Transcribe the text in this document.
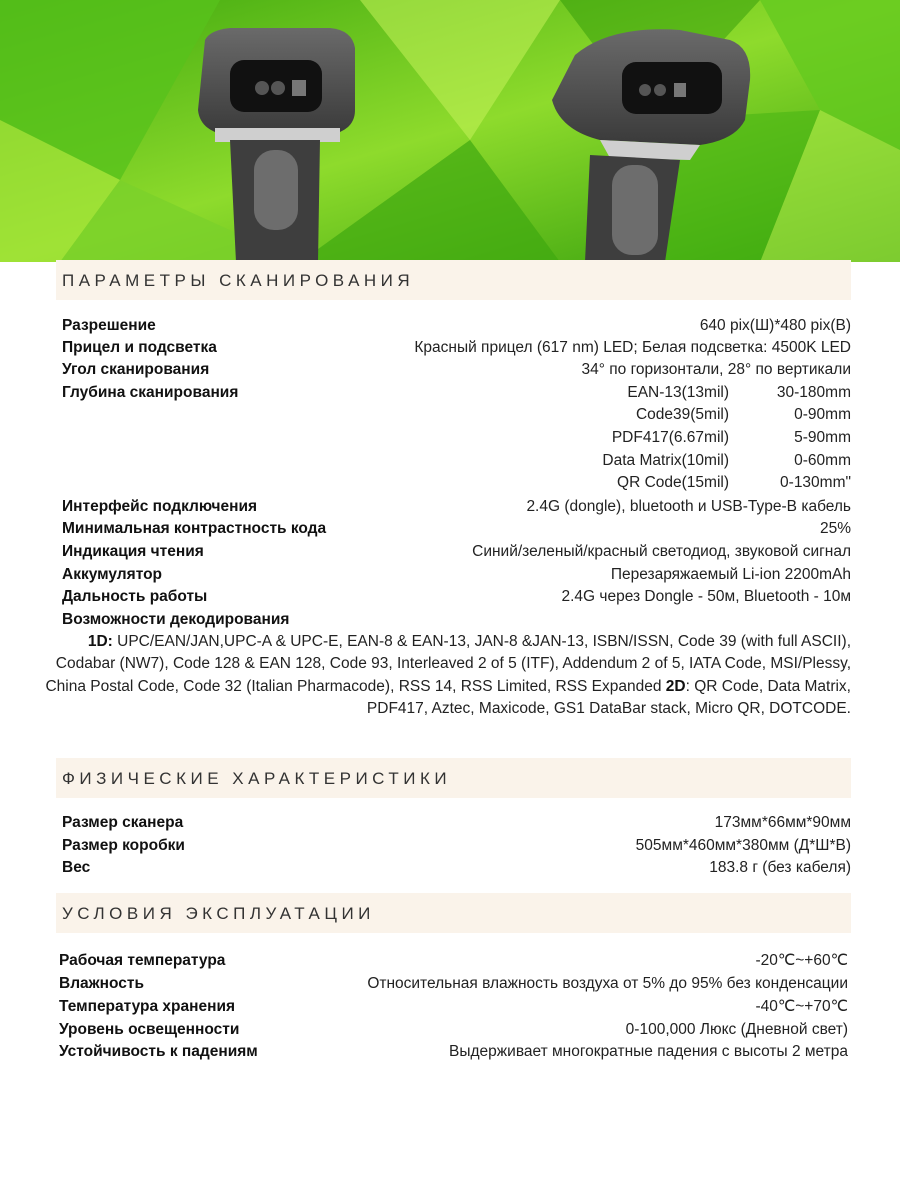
ПАРАМЕТРЫ СКАНИРОВАНИЯ
Разрешение	640 pix(Ш)*480 pix(В)
Прицел и подсветка	Красный прицел (617 nm) LED; Белая подсветка: 4500K LED
Угол сканирования	34° по горизонтали, 28° по вертикали
Глубина сканирования	EAN-13(13mil)	30-180mm
Code39(5mil)	0-90mm
PDF417(6.67mil)	5-90mm
Data Matrix(10mil)	0-60mm
QR Code(15mil)	0-130mm"
Интерфейс подключения	2.4G (dongle), bluetooth и USB-Type-B кабель
Минимальная контрастность кода	25%
Индикация чтения	Синий/зеленый/красный светодиод, звуковой сигнал
Аккумулятор	Перезаряжаемый Li-ion 2200mAh
Дальность работы	2.4G через Dongle - 50м, Bluetooth - 10м
Возможности декодирования
1D: UPC/EAN/JAN,UPC-A & UPC-E, EAN-8 & EAN-13, JAN-8 &JAN-13, ISBN/ISSN, Code 39 (with full ASCII), Codabar (NW7), Code 128 & EAN 128, Code 93, Interleaved 2 of 5 (ITF), Addendum 2 of 5, IATA Code, MSI/Plessy, China Postal Code, Code 32 (Italian Pharmacode), RSS 14, RSS Limited, RSS Expanded 2D: QR Code, Data Matrix, PDF417, Aztec, Maxicode, GS1 DataBar stack, Micro QR, DOTCODE.
ФИЗИЧЕСКИЕ ХАРАКТЕРИСТИКИ
Размер сканера	173мм*66мм*90мм
Размер коробки	505мм*460мм*380мм (Д*Ш*В)
Вес	183.8 г (без кабеля)
УСЛОВИЯ ЭКСПЛУАТАЦИИ
Рабочая температура	-20℃~+60℃
Влажность	Относительная влажность воздуха от 5% до 95% без конденсации
Температура хранения	-40℃~+70℃
Уровень освещенности	0-100,000 Люкс (Дневной свет)
Устойчивость к падениям	Выдерживает многократные падения с высоты 2 метра
